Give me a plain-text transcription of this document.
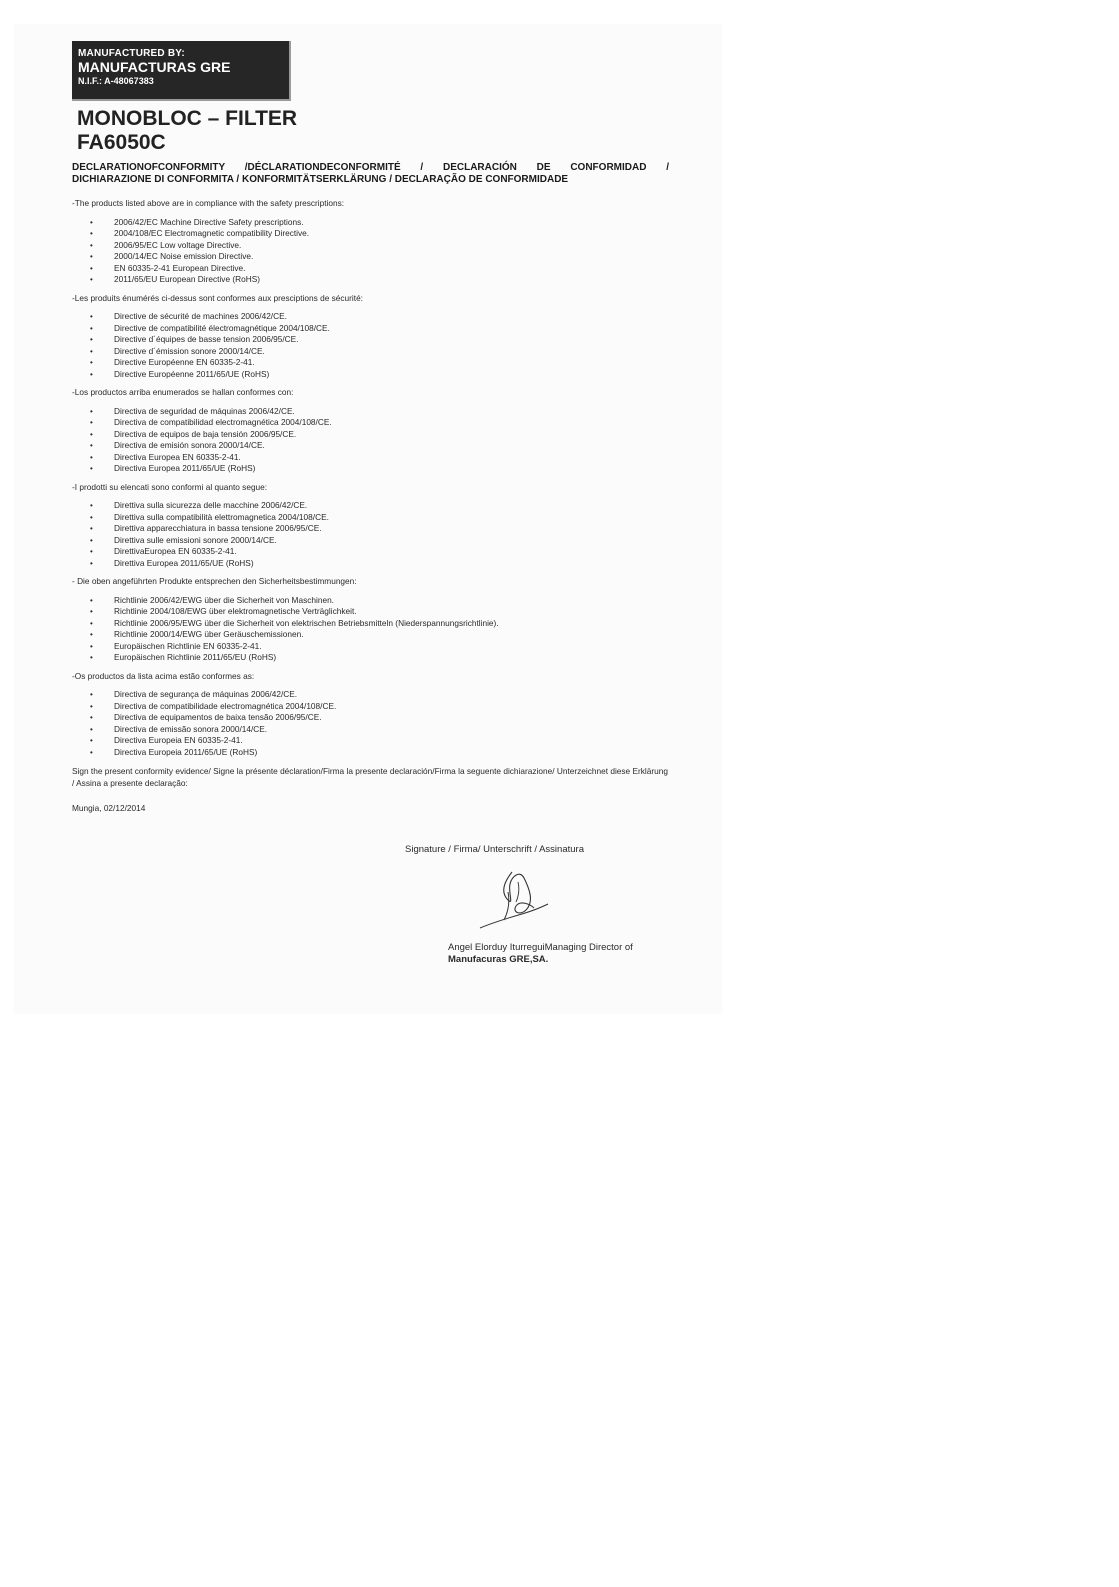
MANUFACTURED BY:
MANUFACTURAS GRE
N.I.F.: A-48067383
MONOBLOC – FILTER
FA6050C
DECLARATIONOFCONFORMITY /DÉCLARATIONDECONFORMITÉ / DECLARACIÓN DE CONFORMIDAD /
DICHIARAZIONE DI CONFORMITA / KONFORMITÄTSERKLÄRUNG / DECLARAÇÃO DE CONFORMIDADE
-The products listed above are in compliance with the safety prescriptions:
• 2006/42/EC Machine Directive Safety prescriptions.
• 2004/108/EC Electromagnetic compatibility Directive.
• 2006/95/EC Low voltage Directive.
• 2000/14/EC Noise emission Directive.
• EN 60335-2-41 European Directive.
• 2011/65/EU European Directive (RoHS)
-Les produits énumérés ci-dessus sont conformes aux presciptions de sécurité:
• Directive de sécurité de machines 2006/42/CE.
• Directive de compatibilité électromagnétique 2004/108/CE.
• Directive d´équipes de basse tension 2006/95/CE.
• Directive d´émission sonore 2000/14/CE.
• Directive Européenne EN 60335-2-41.
• Directive Européenne 2011/65/UE (RoHS)
-Los productos arriba enumerados se hallan conformes con:
• Directiva de seguridad de máquinas 2006/42/CE.
• Directiva de compatibilidad electromagnética 2004/108/CE.
• Directiva de equipos de baja tensión 2006/95/CE.
• Directiva de emisión sonora 2000/14/CE.
• Directiva Europea EN 60335-2-41.
• Directiva Europea 2011/65/UE (RoHS)
-I prodotti su elencati sono conformi al quanto segue:
• Direttiva sulla sicurezza delle macchine 2006/42/CE.
• Direttiva sulla compatibilità elettromagnetica 2004/108/CE.
• Direttiva apparecchiatura in bassa tensione 2006/95/CE.
• Direttiva sulle emissioni sonore 2000/14/CE.
• DirettivaEuropea EN 60335-2-41.
• Direttiva Europea 2011/65/UE (RoHS)
- Die oben angeführten Produkte entsprechen den Sicherheitsbestimmungen:
• Richtlinie 2006/42/EWG über die Sicherheit von Maschinen.
• Richtlinie 2004/108/EWG über elektromagnetische Verträglichkeit.
• Richtlinie 2006/95/EWG über die Sicherheit von elektrischen Betriebsmitteln (Niederspannungsrichtlinie).
• Richtlinie 2000/14/EWG über Geräuschemissionen.
• Europäischen Richtlinie EN 60335-2-41.
• Europäischen Richtlinie 2011/65/EU (RoHS)
-Os productos da lista acima estão conformes as:
• Directiva de segurança de máquinas 2006/42/CE.
• Directiva de compatibilidade electromagnética 2004/108/CE.
• Directiva de equipamentos de baixa tensão 2006/95/CE.
• Directiva de emissão sonora 2000/14/CE.
• Directiva Europeia EN 60335-2-41.
• Directiva Europeia 2011/65/UE (RoHS)
Sign the present conformity evidence/ Signe la présente déclaration/Firma la presente declaración/Firma la seguente dichiarazione/ Unterzeichnet diese Erklärung / Assina a presente declaração:
Mungia, 02/12/2014
Signature / Firma/ Unterschrift / Assinatura
Angel Elorduy IturreguiManaging Director of
Manufacuras GRE,SA.
